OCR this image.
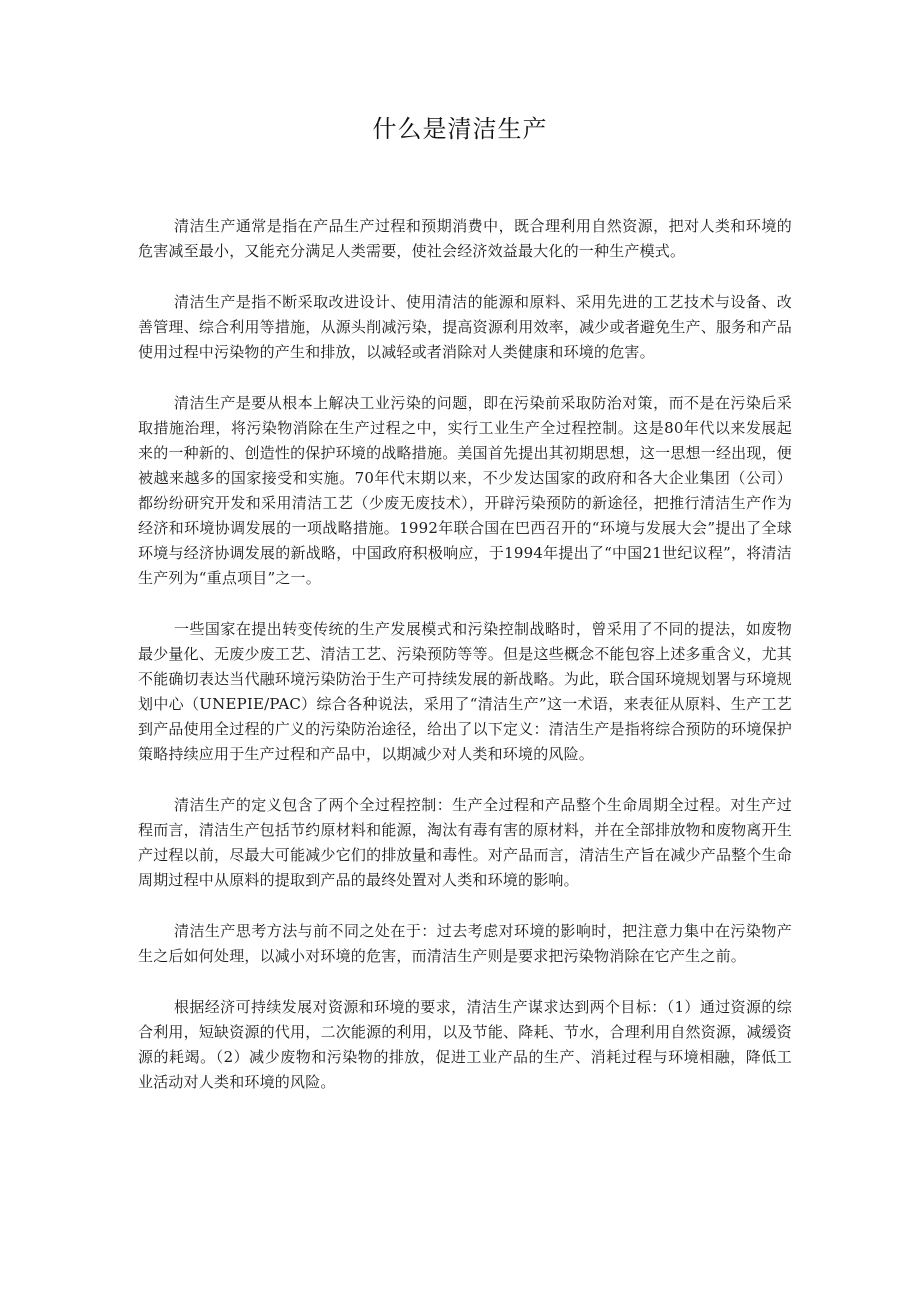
什么是清洁生产

清洁生产通常是指在产品生产过程和预期消费中，既合理利用自然资源，把对人类和环境的危害减至最小，又能充分满足人类需要，使社会经济效益最大化的一种生产模式。

清洁生产是指不断采取改进设计、使用清洁的能源和原料、采用先进的工艺技术与设备、改善管理、综合利用等措施，从源头削减污染，提高资源利用效率，减少或者避免生产、服务和产品使用过程中污染物的产生和排放，以减轻或者消除对人类健康和环境的危害。

清洁生产是要从根本上解决工业污染的问题，即在污染前采取防治对策，而不是在污染后采取措施治理，将污染物消除在生产过程之中，实行工业生产全过程控制。这是80年代以来发展起来的一种新的、创造性的保护环境的战略措施。美国首先提出其初期思想，这一思想一经出现，便被越来越多的国家接受和实施。70年代末期以来，不少发达国家的政府和各大企业集团（公司）都纷纷研究开发和采用清洁工艺（少废无废技术），开辟污染预防的新途径，把推行清洁生产作为经济和环境协调发展的一项战略措施。1992年联合国在巴西召开的“环境与发展大会”提出了全球环境与经济协调发展的新战略，中国政府积极响应，于1994年提出了“中国21世纪议程”，将清洁生产列为“重点项目”之一。

一些国家在提出转变传统的生产发展模式和污染控制战略时，曾采用了不同的提法，如废物最少量化、无废少废工艺、清洁工艺、污染预防等等。但是这些概念不能包容上述多重含义，尤其不能确切表达当代融环境污染防治于生产可持续发展的新战略。为此，联合国环境规划署与环境规划中心（UNEPIE/PAC）综合各种说法，采用了“清洁生产”这一术语，来表征从原料、生产工艺到产品使用全过程的广义的污染防治途径，给出了以下定义：清洁生产是指将综合预防的环境保护策略持续应用于生产过程和产品中，以期减少对人类和环境的风险。

清洁生产的定义包含了两个全过程控制：生产全过程和产品整个生命周期全过程。对生产过程而言，清洁生产包括节约原材料和能源，淘汰有毒有害的原材料，并在全部排放物和废物离开生产过程以前，尽最大可能减少它们的排放量和毒性。对产品而言，清洁生产旨在减少产品整个生命周期过程中从原料的提取到产品的最终处置对人类和环境的影响。

清洁生产思考方法与前不同之处在于：过去考虑对环境的影响时，把注意力集中在污染物产生之后如何处理，以减小对环境的危害，而清洁生产则是要求把污染物消除在它产生之前。

根据经济可持续发展对资源和环境的要求，清洁生产谋求达到两个目标：（1）通过资源的综合利用，短缺资源的代用，二次能源的利用，以及节能、降耗、节水，合理利用自然资源，减缓资源的耗竭。（2）减少废物和污染物的排放，促进工业产品的生产、消耗过程与环境相融，降低工业活动对人类和环境的风险。
